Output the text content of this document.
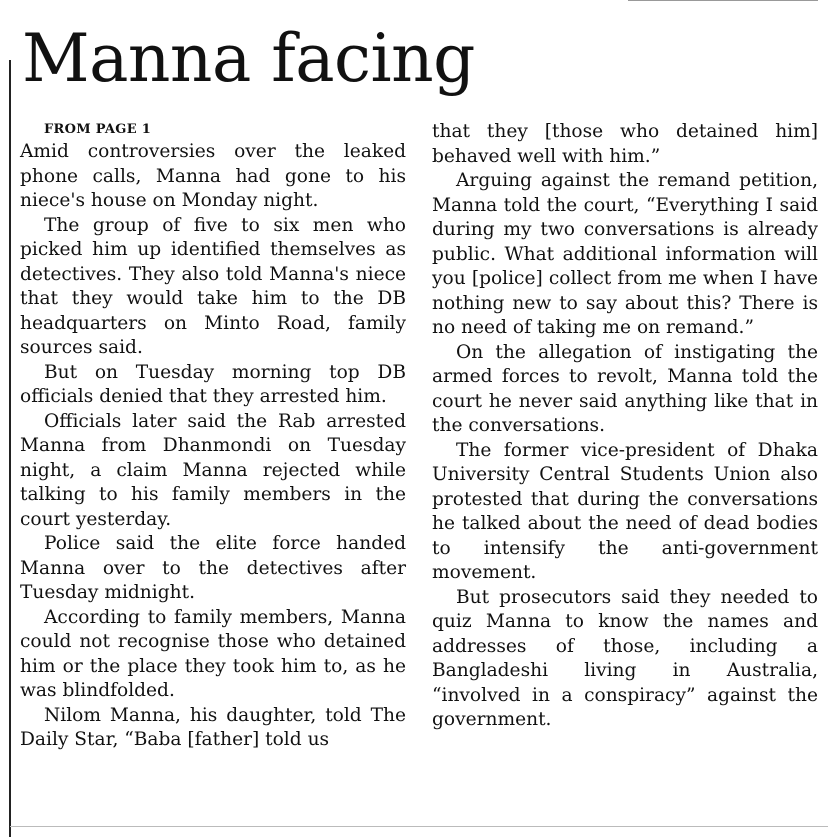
Manna facing

FROM PAGE 1

Amid controversies over the leaked phone calls, Manna had gone to his niece's house on Monday night.

The group of five to six men who picked him up identified themselves as detectives. They also told Manna's niece that they would take him to the DB headquarters on Minto Road, family sources said.

But on Tuesday morning top DB officials denied that they arrested him.

Officials later said the Rab arrested Manna from Dhanmondi on Tuesday night, a claim Manna rejected while talking to his family members in the court yesterday.

Police said the elite force handed Manna over to the detectives after Tuesday midnight.

According to family members, Manna could not recognise those who detained him or the place they took him to, as he was blindfolded.

Nilom Manna, his daughter, told The Daily Star, “Baba [father] told us

that they [those who detained him] behaved well with him.”

Arguing against the remand petition, Manna told the court, “Everything I said during my two conversations is already public. What additional information will you [police] collect from me when I have nothing new to say about this? There is no need of taking me on remand.”

On the allegation of instigating the armed forces to revolt, Manna told the court he never said anything like that in the conversations.

The former vice-president of Dhaka University Central Students Union also protested that during the conversations he talked about the need of dead bodies to intensify the anti-government movement.

But prosecutors said they needed to quiz Manna to know the names and addresses of those, including a Bangladeshi living in Australia, “involved in a conspiracy” against the government.
